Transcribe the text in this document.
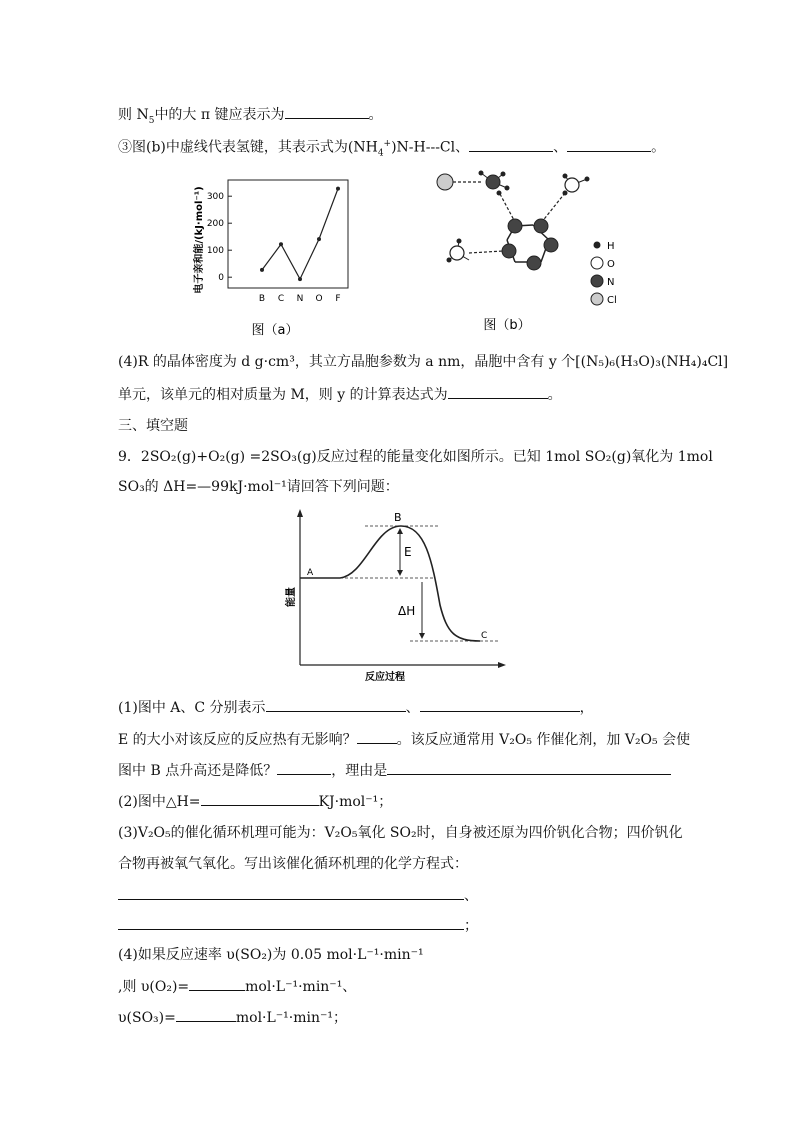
则 $N_5$中的大 π 键应表示为	。
③图(b)中虚线代表氢键，其表示式为$(NH_4^+)N-H---Cl$、	、	。
电子亲和能/(kJ·mol⁻¹) 0
100
200
300
B C N O F
图（a）
H
O
N
Cl
图（b）
(4)R 的晶体密度为 d g·cm³，其立方晶胞参数为 a nm，晶胞中含有 y 个[(N₅)₆(H₃O)₃(NH₄)₄Cl]
单元，该单元的相对质量为 M，则 y 的计算表达式为	。
三、填空题
9．2SO₂(g)+O₂(g) =2SO₃(g)反应过程的能量变化如图所示。已知 1mol SO₂(g)氧化为 1mol
SO₃的 ΔH=—99kJ·mol⁻¹请回答下列问题：
A
B
C
E
ΔH
能量
反应过程
(1)图中 A、C 分别表示	、	，
E 的大小对该反应的反应热有无影响？	。该反应通常用 V₂O₅ 作催化剂，加 V₂O₅ 会使
图中 B 点升高还是降低？	，理由是
(2)图中△H=	KJ·mol⁻¹；
(3)V₂O₅的催化循环机理可能为：V₂O₅氧化 SO₂时，自身被还原为四价钒化合物；四价钒化
合物再被氧气氧化。写出该催化循环机理的化学方程式：
、
；
(4)如果反应速率 υ(SO₂)为 0.05 mol·L⁻¹·min⁻¹
,则 υ(O₂)=	mol·L⁻¹·min⁻¹、
υ(SO₃)=	mol·L⁻¹·min⁻¹；
